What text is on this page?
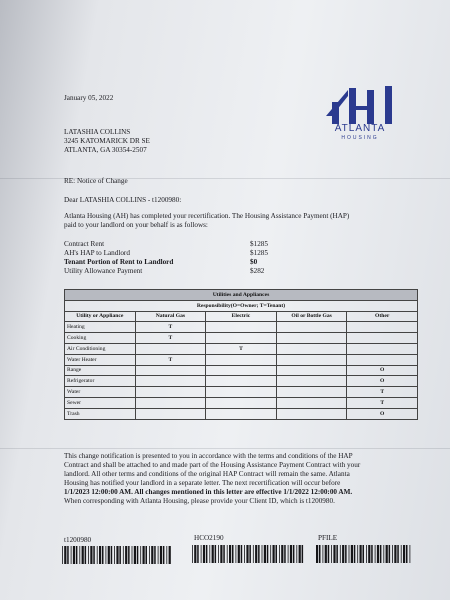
ATLANTA
HOUSING
January 05, 2022
LATASHIA COLLINS
3245 KATOMARICK DR SE
ATLANTA, GA 30354-2507
RE: Notice of Change
Dear LATASHIA COLLINS - t1200980:
Atlanta Housing (AH) has completed your recertification. The Housing Assistance Payment (HAP)
paid to your landlord on your behalf is as follows:
Contract Rent	$1285
AH's HAP to Landlord	$1285
Tenant Portion of Rent to Landlord	$0
Utility Allowance Payment	$282
Utilities and Appliances				
Responsibility(O=Owner; T=Tenant)				
Utility or Appliance	Natural Gas	Electric	Oil or Bottle Gas	Other
Heating	T			
Cooking	T			
Air Conditioning		T		
Water Heater	T			
Range				O
Refrigerator				O
Water				T
Sewer				T
Trash				O
This change notification is presented to you in accordance with the terms and conditions of the HAP
Contract and shall be attached to and made part of the Housing Assistance Payment Contract with your
landlord. All other terms and conditions of the original HAP Contract will remain the same. Atlanta
Housing has notified your landlord in a separate letter. The next recertification will occur before
1/1/2023 12:00:00 AM. All changes mentioned in this letter are effective 1/1/2022 12:00:00 AM.
When corresponding with Atlanta Housing, please provide your Client ID, which is t1200980.
t1200980	HCO2190	PFILE
